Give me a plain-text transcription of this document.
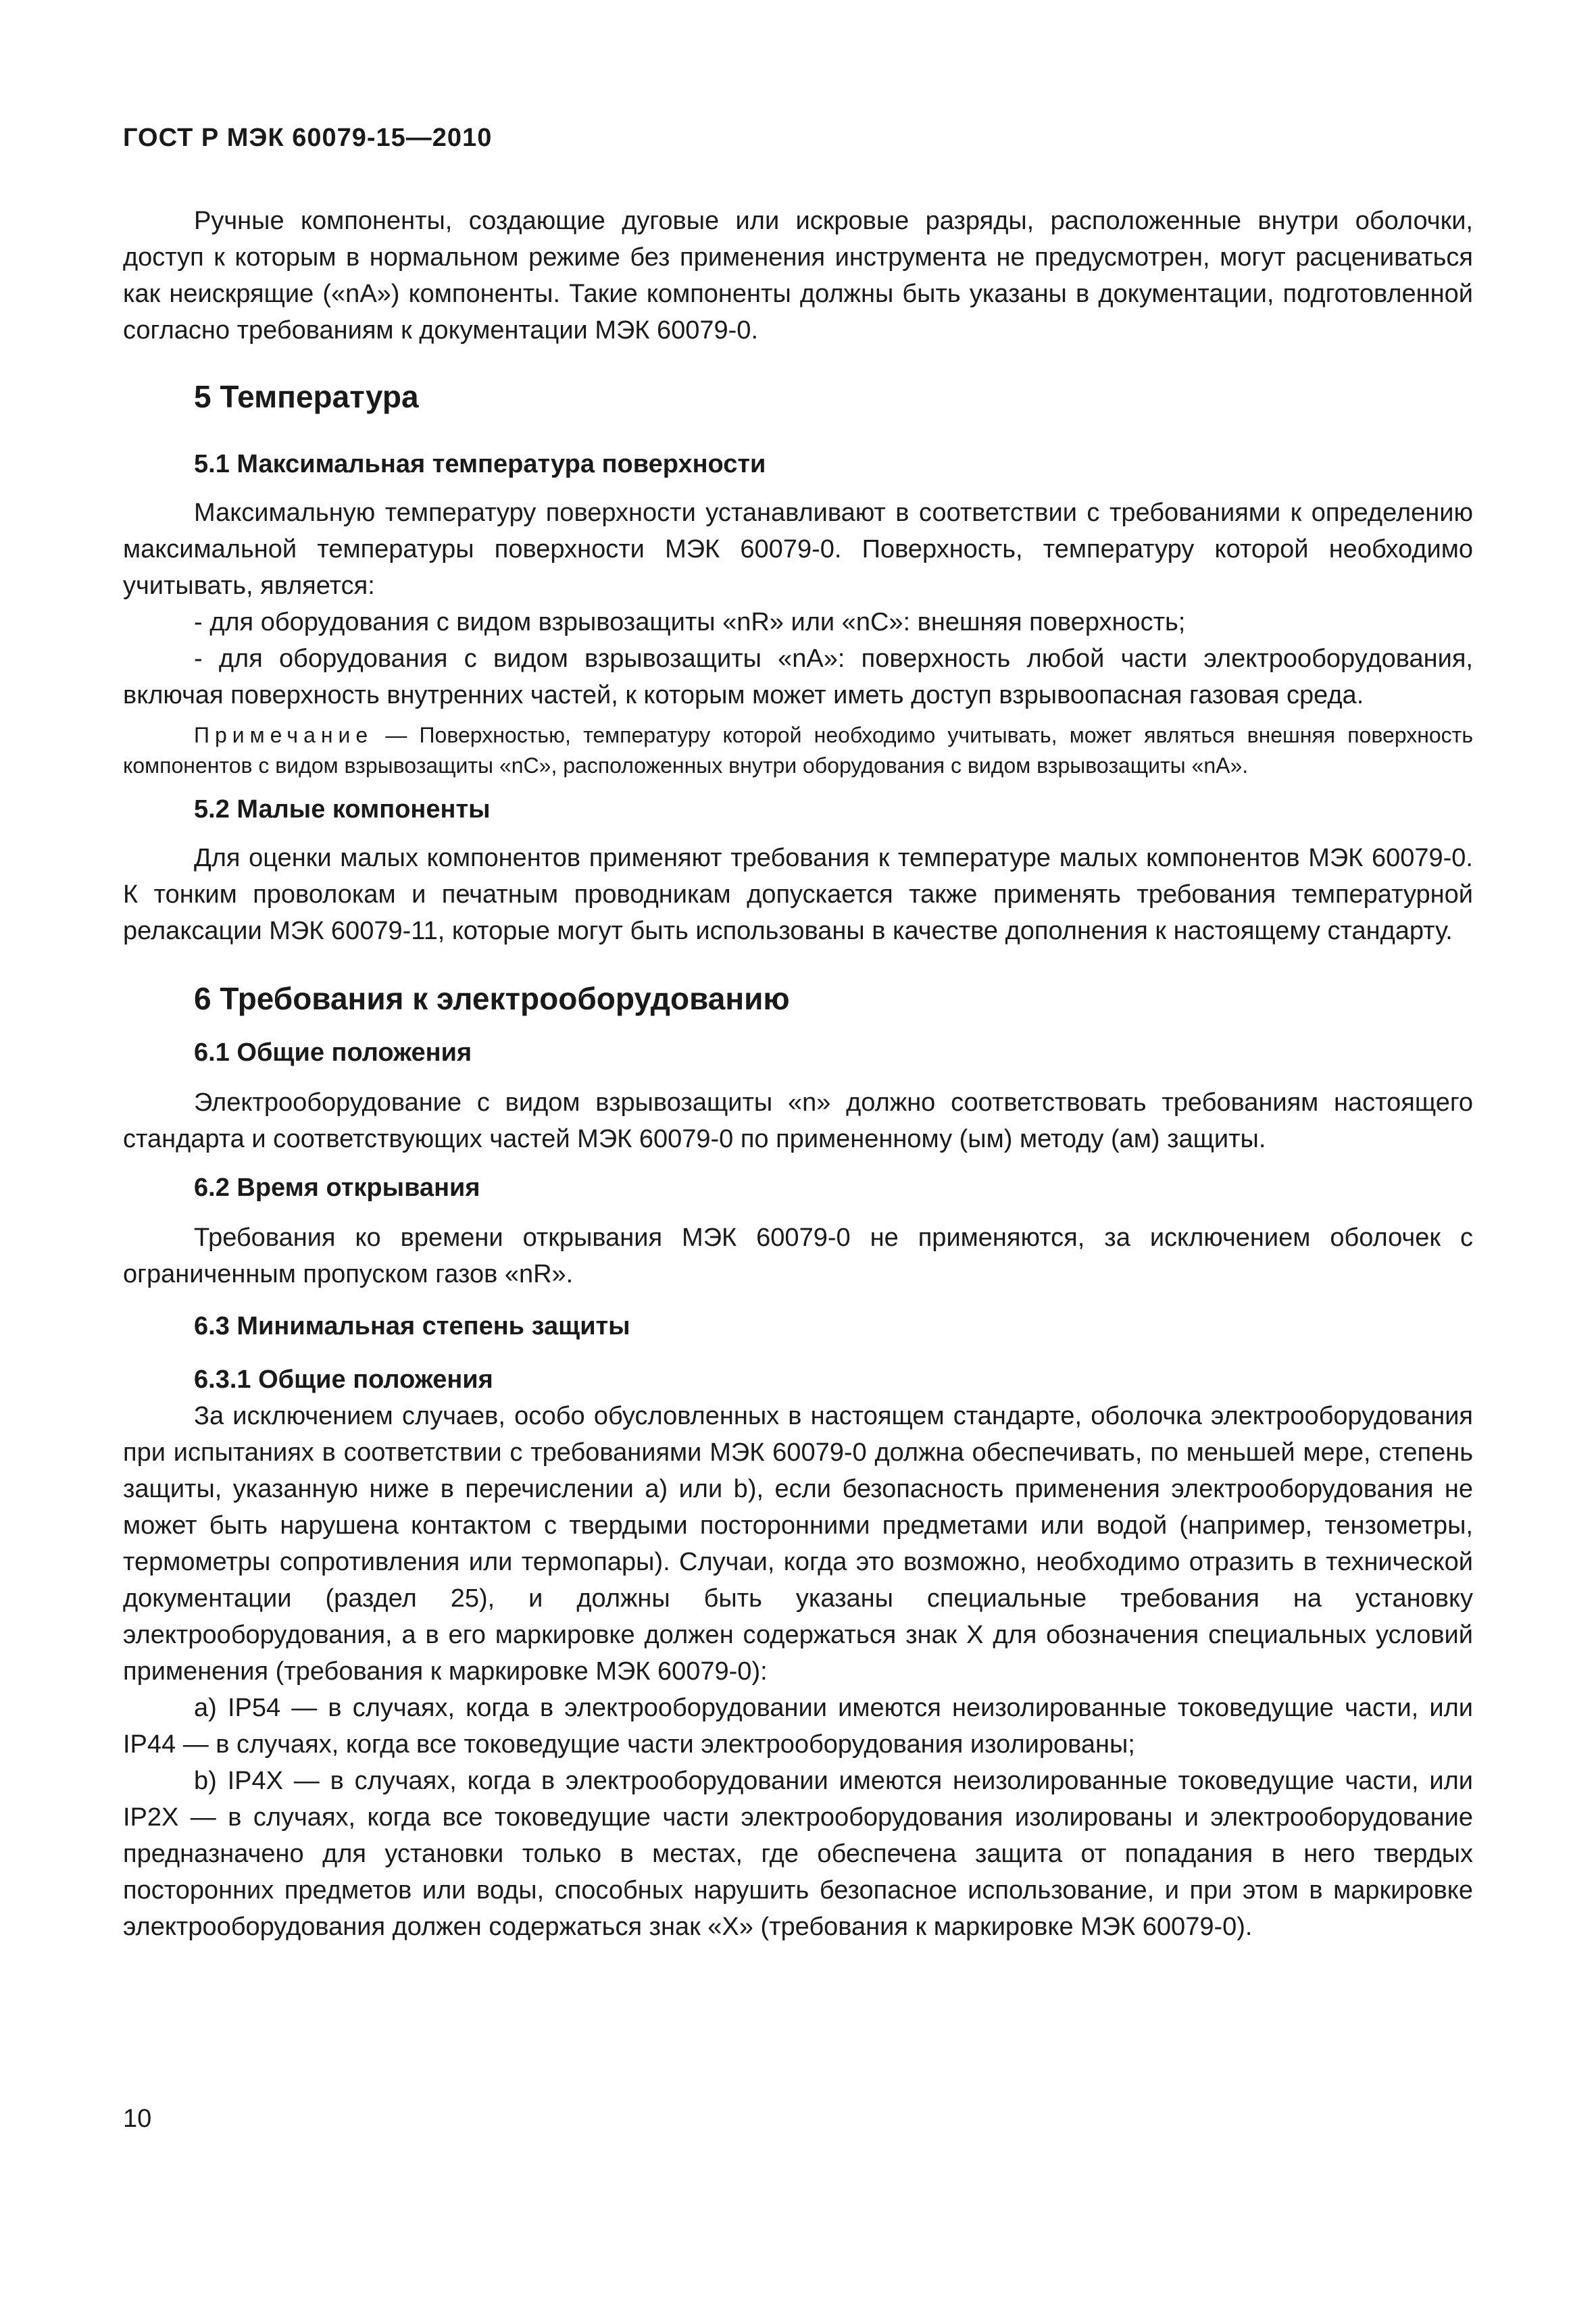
ГОСТ Р МЭК 60079-15—2010

Ручные компоненты, создающие дуговые или искровые разряды, расположенные внутри оболочки, доступ к которым в нормальном режиме без применения инструмента не предусмотрен, могут расцениваться как неискрящие («nA») компоненты. Такие компоненты должны быть указаны в документации, подготовленной согласно требованиям к документации МЭК 60079-0.

5 Температура
5.1 Максимальная температура поверхности

Максимальную температуру поверхности устанавливают в соответствии с требованиями к определению максимальной температуры поверхности МЭК 60079-0. Поверхность, температуру которой необходимо учитывать, является:

- для оборудования с видом взрывозащиты «nR» или «nC»: внешняя поверхность;

- для оборудования с видом взрывозащиты «nA»: поверхность любой части электрооборудования, включая поверхность внутренних частей, к которым может иметь доступ взрывоопасная газовая среда.

Примечание — Поверхностью, температуру которой необходимо учитывать, может являться внешняя поверхность компонентов с видом взрывозащиты «nC», расположенных внутри оборудования с видом взрывозащиты «nA».

5.2 Малые компоненты

Для оценки малых компонентов применяют требования к температуре малых компонентов МЭК 60079-0. К тонким проволокам и печатным проводникам допускается также применять требования температурной релаксации МЭК 60079-11, которые могут быть использованы в качестве дополнения к настоящему стандарту.

6 Требования к электрооборудованию
6.1 Общие положения

Электрооборудование с видом взрывозащиты «n» должно соответствовать требованиям настоящего стандарта и соответствующих частей МЭК 60079-0 по примененному (ым) методу (ам) защиты.

6.2 Время открывания

Требования ко времени открывания МЭК 60079-0 не применяются, за исключением оболочек с ограниченным пропуском газов «nR».

6.3 Минимальная степень защиты
6.3.1 Общие положения

За исключением случаев, особо обусловленных в настоящем стандарте, оболочка электрооборудования при испытаниях в соответствии с требованиями МЭК 60079-0 должна обеспечивать, по меньшей мере, степень защиты, указанную ниже в перечислении а) или b), если безопасность применения электрооборудования не может быть нарушена контактом с твердыми посторонними предметами или водой (например, тензометры, термометры сопротивления или термопары). Случаи, когда это возможно, необходимо отразить в технической документации (раздел 25), и должны быть указаны специальные требования на установку электрооборудования, а в его маркировке должен содержаться знак X для обозначения специальных условий применения (требования к маркировке МЭК 60079-0):

а) IP54 — в случаях, когда в электрооборудовании имеются неизолированные токоведущие части, или IP44 — в случаях, когда все токоведущие части электрооборудования изолированы;

b) IP4X — в случаях, когда в электрооборудовании имеются неизолированные токоведущие части, или IP2X — в случаях, когда все токоведущие части электрооборудования изолированы и электрооборудование предназначено для установки только в местах, где обеспечена защита от попадания в него твердых посторонних предметов или воды, способных нарушить безопасное использование, и при этом в маркировке электрооборудования должен содержаться знак «X» (требования к маркировке МЭК 60079-0).

10
